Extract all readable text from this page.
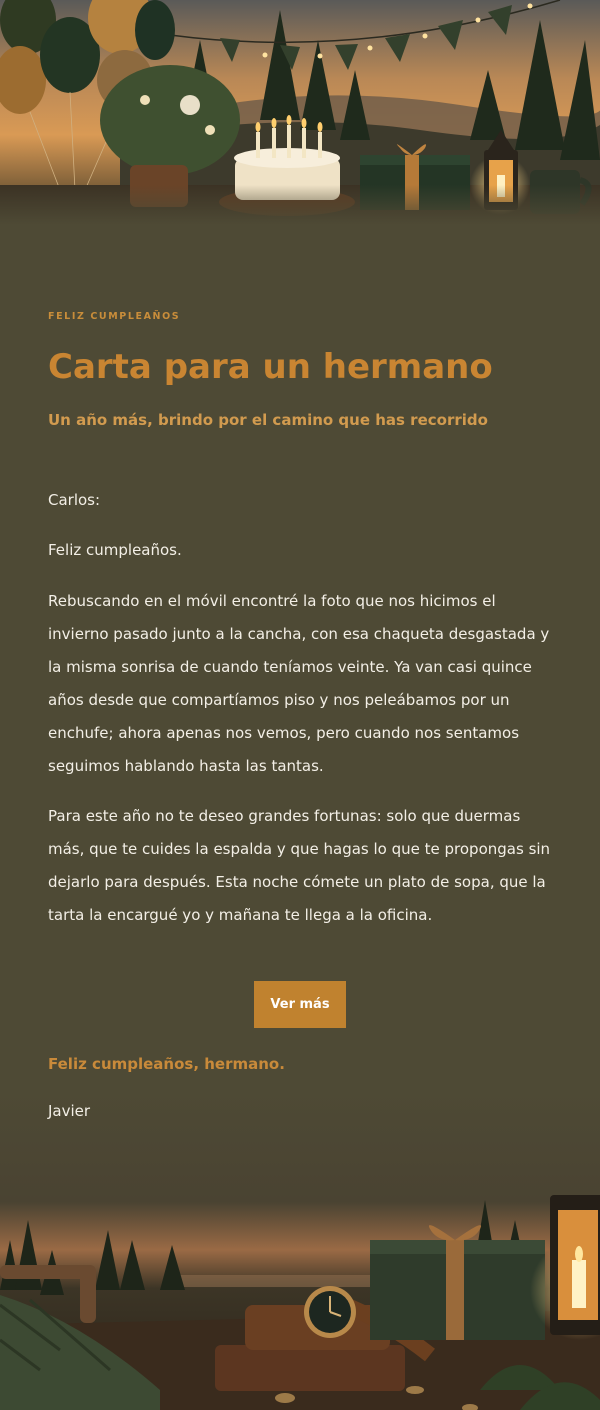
FELIZ CUMPLEAÑOS
Carta para un hermano

Un año más, brindo por el camino que has recorrido

Carlos:

Feliz cumpleaños.

Rebuscando en el móvil encontré la foto que nos hicimos el invierno pasado junto a la cancha, con esa chaqueta desgastada y la misma sonrisa de cuando teníamos veinte. Ya van casi quince años desde que compartíamos piso y nos peleábamos por un enchufe; ahora apenas nos vemos, pero cuando nos sentamos seguimos hablando hasta las tantas.

Para este año no te deseo grandes fortunas: solo que duermas más, que te cuides la espalda y que hagas lo que te propongas sin dejarlo para después. Esta noche cómete un plato de sopa, que la tarta la encargué yo y mañana te llega a la oficina.

Ver más

Feliz cumpleaños, hermano.

Javier
